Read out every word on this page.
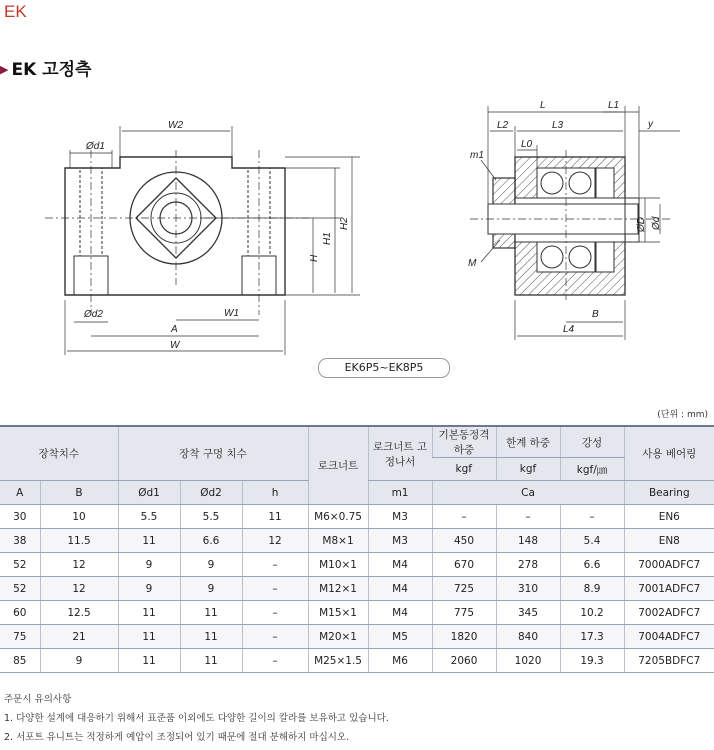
EK
▶ EK 고정측
Ød1
W2
H
H1
H2
Ød2	W1
A
W
L	L1
L2	L3
L0
y
m1
M
ØD Ød
B
L4
EK6P5~EK8P5
(단위 : mm)
장착치수		장착 구멍 치수			로크너트	로크너트 고정나서	기본동정격 하중	한계 하중	강성	사용 베어링
							kgf	kgf	kgf/㎛	
A	B	Ød1	Ød2	h		m1	Ca			Bearing
30	10	5.5	5.5	11	M6×0.75	M3	–	–	–	EN6
38	11.5	11	6.6	12	M8×1	M3	450	148	5.4	EN8
52	12	9	9	–	M10×1	M4	670	278	6.6	7000ADFC7
52	12	9	9	–	M12×1	M4	725	310	8.9	7001ADFC7
60	12.5	11	11	–	M15×1	M4	775	345	10.2	7002ADFC7
75	21	11	11	–	M20×1	M5	1820	840	17.3	7004ADFC7
85	9	11	11	–	M25×1.5	M6	2060	1020	19.3	7205BDFC7
주문시 유의사항
1. 다양한 설계에 대응하기 위해서 표준품 이외에도 다양한 길이의 칼라를 보유하고 있습니다.
2. 서포트 유니트는 적정하게 예압이 조정되어 있기 때문에 절대 분해하지 마십시오.
